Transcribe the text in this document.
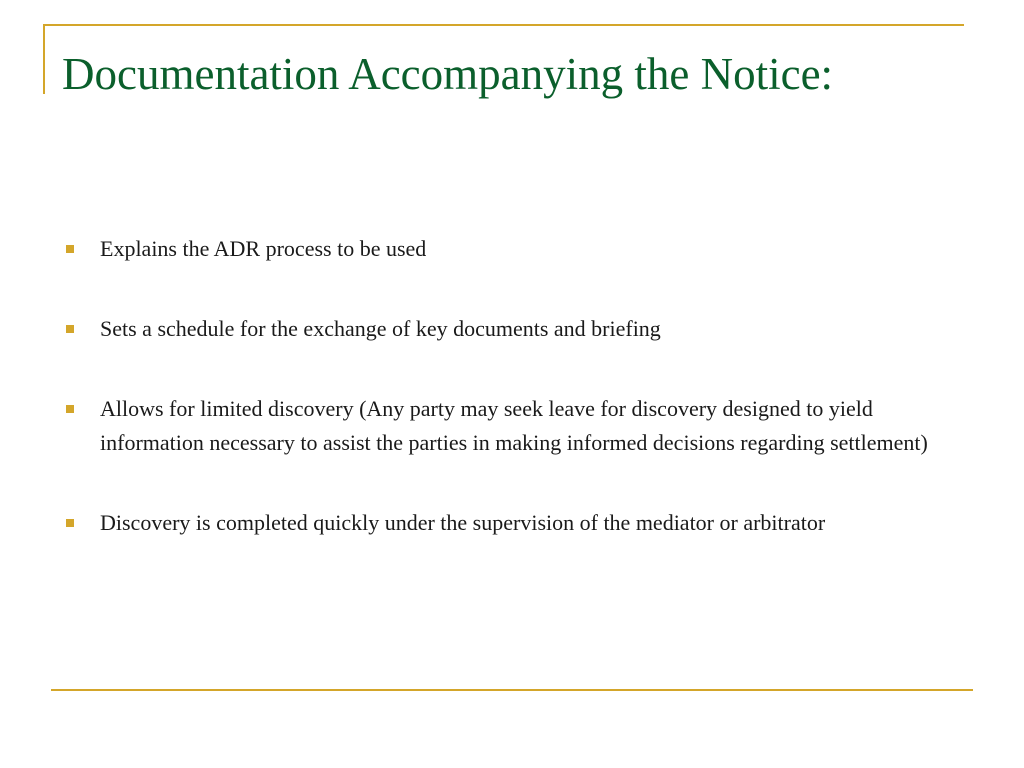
Documentation Accompanying the Notice:
Explains the ADR process to be used
Sets a schedule for the exchange of key documents and briefing
Allows for limited discovery (Any party may seek leave for discovery designed to yield information necessary to assist the parties in making informed decisions regarding settlement)
Discovery is completed quickly under the supervision of the mediator or arbitrator
